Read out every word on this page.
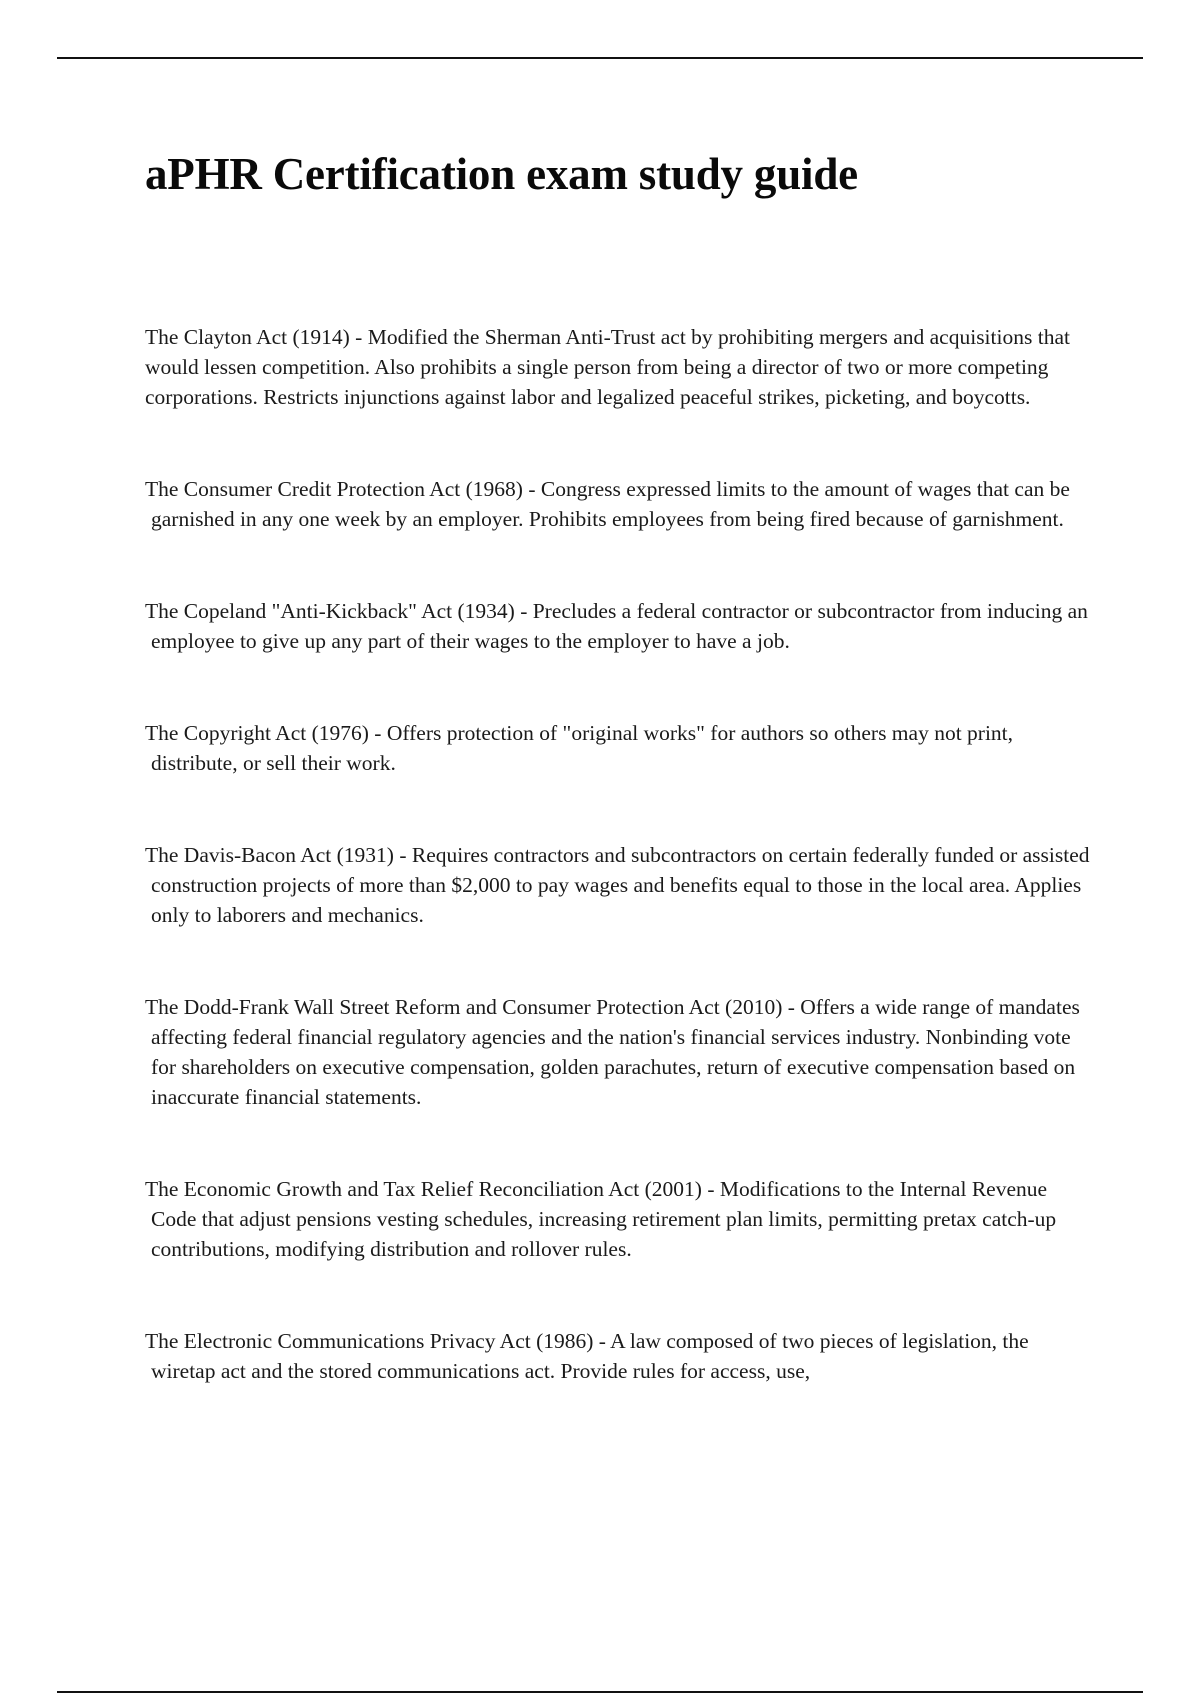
aPHR Certification exam study guide

The Clayton Act (1914) - Modified the Sherman Anti-Trust act by prohibiting mergers and acquisitions that would lessen competition. Also prohibits a single person from being a director of two or more competing corporations. Restricts injunctions against labor and legalized peaceful strikes, picketing, and boycotts.

The Consumer Credit Protection Act (1968) - Congress expressed limits to the amount of wages that can be garnished in any one week by an employer. Prohibits employees from being fired because of garnishment.

The Copeland "Anti-Kickback" Act (1934) - Precludes a federal contractor or subcontractor from inducing an employee to give up any part of their wages to the employer to have a job.

The Copyright Act (1976) - Offers protection of "original works" for authors so others may not print, distribute, or sell their work.

The Davis-Bacon Act (1931) - Requires contractors and subcontractors on certain federally funded or assisted construction projects of more than $2,000 to pay wages and benefits equal to those in the local area. Applies only to laborers and mechanics.

The Dodd-Frank Wall Street Reform and Consumer Protection Act (2010) - Offers a wide range of mandates affecting federal financial regulatory agencies and the nation's financial services industry. Nonbinding vote for shareholders on executive compensation, golden parachutes, return of executive compensation based on inaccurate financial statements.

The Economic Growth and Tax Relief Reconciliation Act (2001) - Modifications to the Internal Revenue Code that adjust pensions vesting schedules, increasing retirement plan limits, permitting pretax catch-up contributions, modifying distribution and rollover rules.

The Electronic Communications Privacy Act (1986) - A law composed of two pieces of legislation, the wiretap act and the stored communications act. Provide rules for access, use,
